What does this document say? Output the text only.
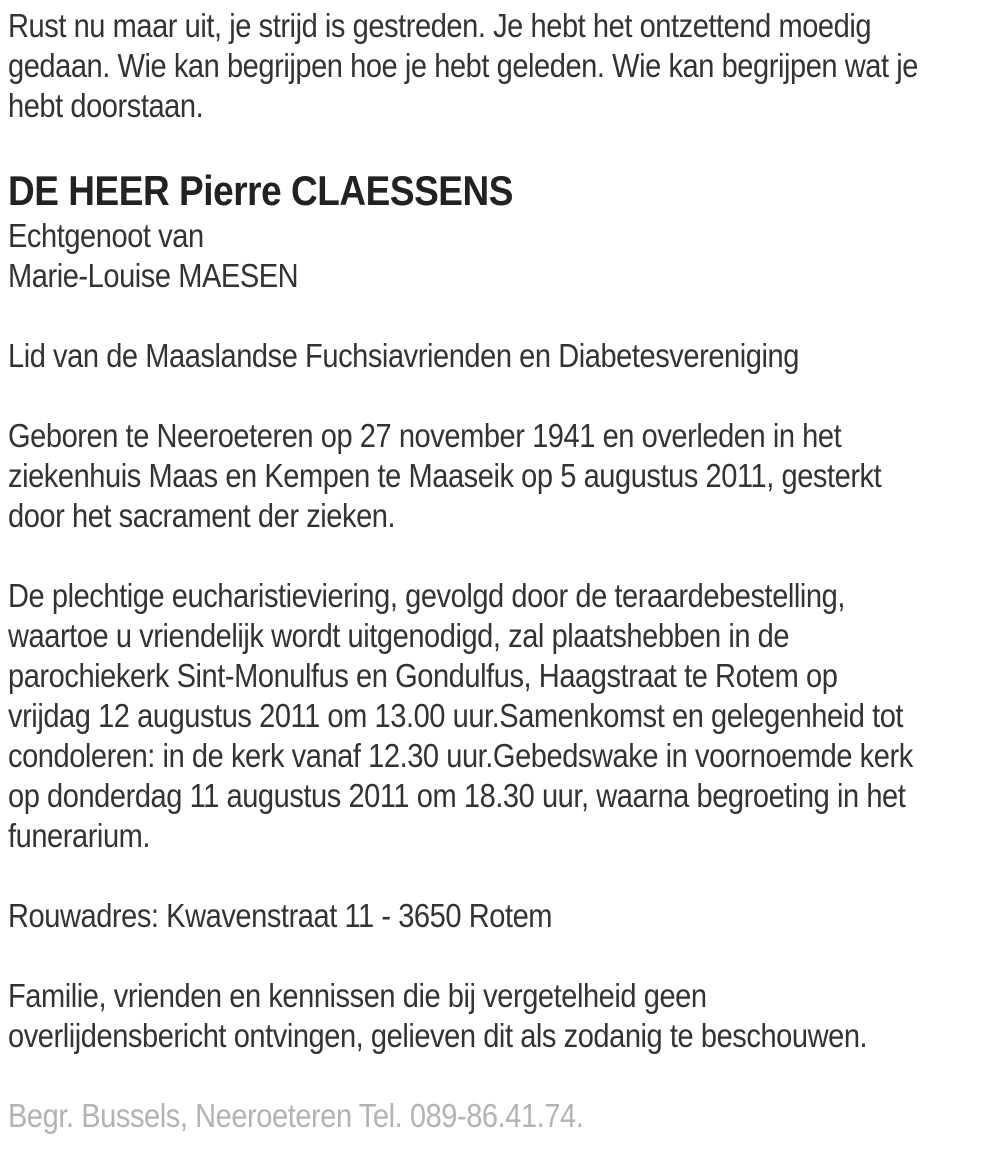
Rust nu maar uit, je strijd is gestreden. Je hebt het ontzettend moedig
gedaan. Wie kan begrijpen hoe je hebt geleden. Wie kan begrijpen wat je
hebt doorstaan.
DE HEER Pierre CLAESSENS
Echtgenoot van
Marie-Louise MAESEN
Lid van de Maaslandse Fuchsiavrienden en Diabetesvereniging
Geboren te Neeroeteren op 27 november 1941 en overleden in het
ziekenhuis Maas en Kempen te Maaseik op 5 augustus 2011, gesterkt
door het sacrament der zieken.
De plechtige eucharistieviering, gevolgd door de teraardebestelling,
waartoe u vriendelijk wordt uitgenodigd, zal plaatshebben in de
parochiekerk Sint-Monulfus en Gondulfus, Haagstraat te Rotem op
vrijdag 12 augustus 2011 om 13.00 uur.Samenkomst en gelegenheid tot
condoleren: in de kerk vanaf 12.30 uur.Gebedswake in voornoemde kerk
op donderdag 11 augustus 2011 om 18.30 uur, waarna begroeting in het
funerarium.
Rouwadres: Kwavenstraat 11 - 3650 Rotem
Familie, vrienden en kennissen die bij vergetelheid geen
overlijdensbericht ontvingen, gelieven dit als zodanig te beschouwen.
Begr. Bussels, Neeroeteren Tel. 089-86.41.74.
